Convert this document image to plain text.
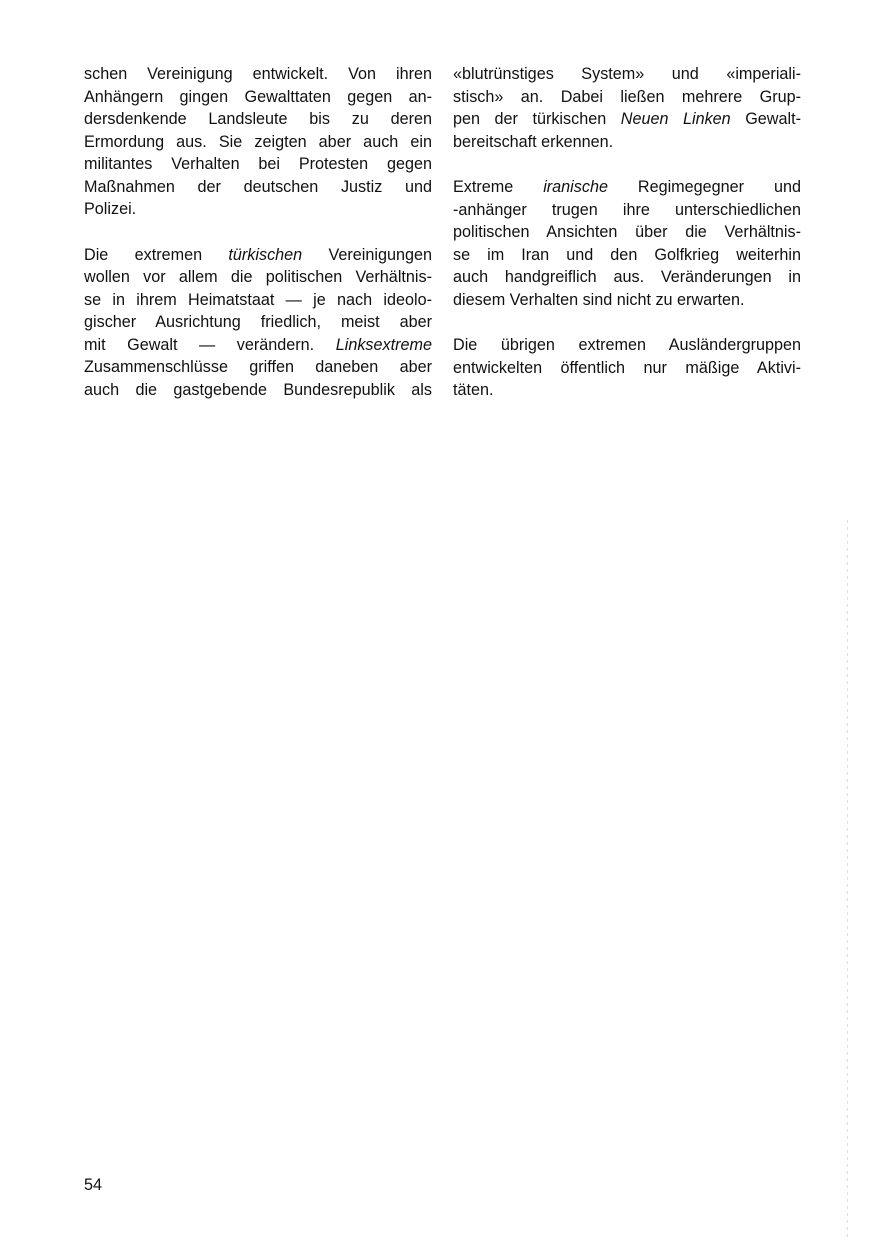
schen Vereinigung entwickelt. Von ihren
Anhängern gingen Gewalttaten gegen an-
dersdenkende Landsleute bis zu deren
Ermordung aus. Sie zeigten aber auch ein
militantes Verhalten bei Protesten gegen
Maßnahmen der deutschen Justiz und
Polizei.
Die extremen türkischen Vereinigungen
wollen vor allem die politischen Verhältnis-
se in ihrem Heimatstaat — je nach ideolo-
gischer Ausrichtung friedlich, meist aber
mit Gewalt — verändern. Linksextreme
Zusammenschlüsse griffen daneben aber
auch die gastgebende Bundesrepublik als
«blutrünstiges System» und «imperiali-
stisch» an. Dabei ließen mehrere Grup-
pen der türkischen Neuen Linken Gewalt-
bereitschaft erkennen.
Extreme iranische Regimegegner und
-anhänger trugen ihre unterschiedlichen
politischen Ansichten über die Verhältnis-
se im Iran und den Golfkrieg weiterhin
auch handgreiflich aus. Veränderungen in
diesem Verhalten sind nicht zu erwarten.
Die übrigen extremen Ausländergruppen
entwickelten öffentlich nur mäßige Aktivi-
täten.
54
